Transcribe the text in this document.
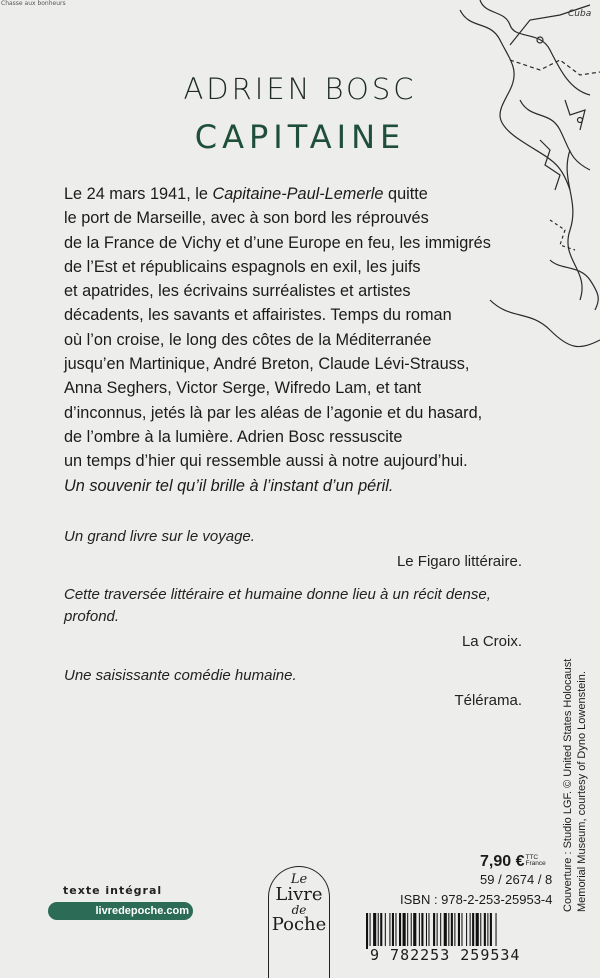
Chasse aux bonheurs
Cuba
ADRIEN BOSC
CAPITAINE
Le 24 mars 1941, le Capitaine-Paul-Lemerle quitte
le port de Marseille, avec à son bord les réprouvés
de la France de Vichy et d’une Europe en feu, les immigrés
de l’Est et républicains espagnols en exil, les juifs
et apatrides, les écrivains surréalistes et artistes
décadents, les savants et affairistes. Temps du roman
où l’on croise, le long des côtes de la Méditerranée
jusqu’en Martinique, André Breton, Claude Lévi-Strauss,
Anna Seghers, Victor Serge, Wifredo Lam, et tant
d’inconnus, jetés là par les aléas de l’agonie et du hasard,
de l’ombre à la lumière. Adrien Bosc ressuscite
un temps d’hier qui ressemble aussi à notre aujourd’hui.
Un souvenir tel qu’il brille à l’instant d’un péril.
Un grand livre sur le voyage.
Le Figaro littéraire.
Cette traversée littéraire et humaine donne lieu à un récit dense,
profond.
La Croix.
Une saisissante comédie humaine.
Télérama.	Couverture : Studio LGF. © United States Holocaust Memorial Museum, courtesy of Dyno Lowenstein.
7,90 €TTC
France
59 / 2674 / 8
ISBN : 978-2-253-25953-4
9 782253 259534
Le
Livre
de
Poche
texte intégral
livredepoche.com
